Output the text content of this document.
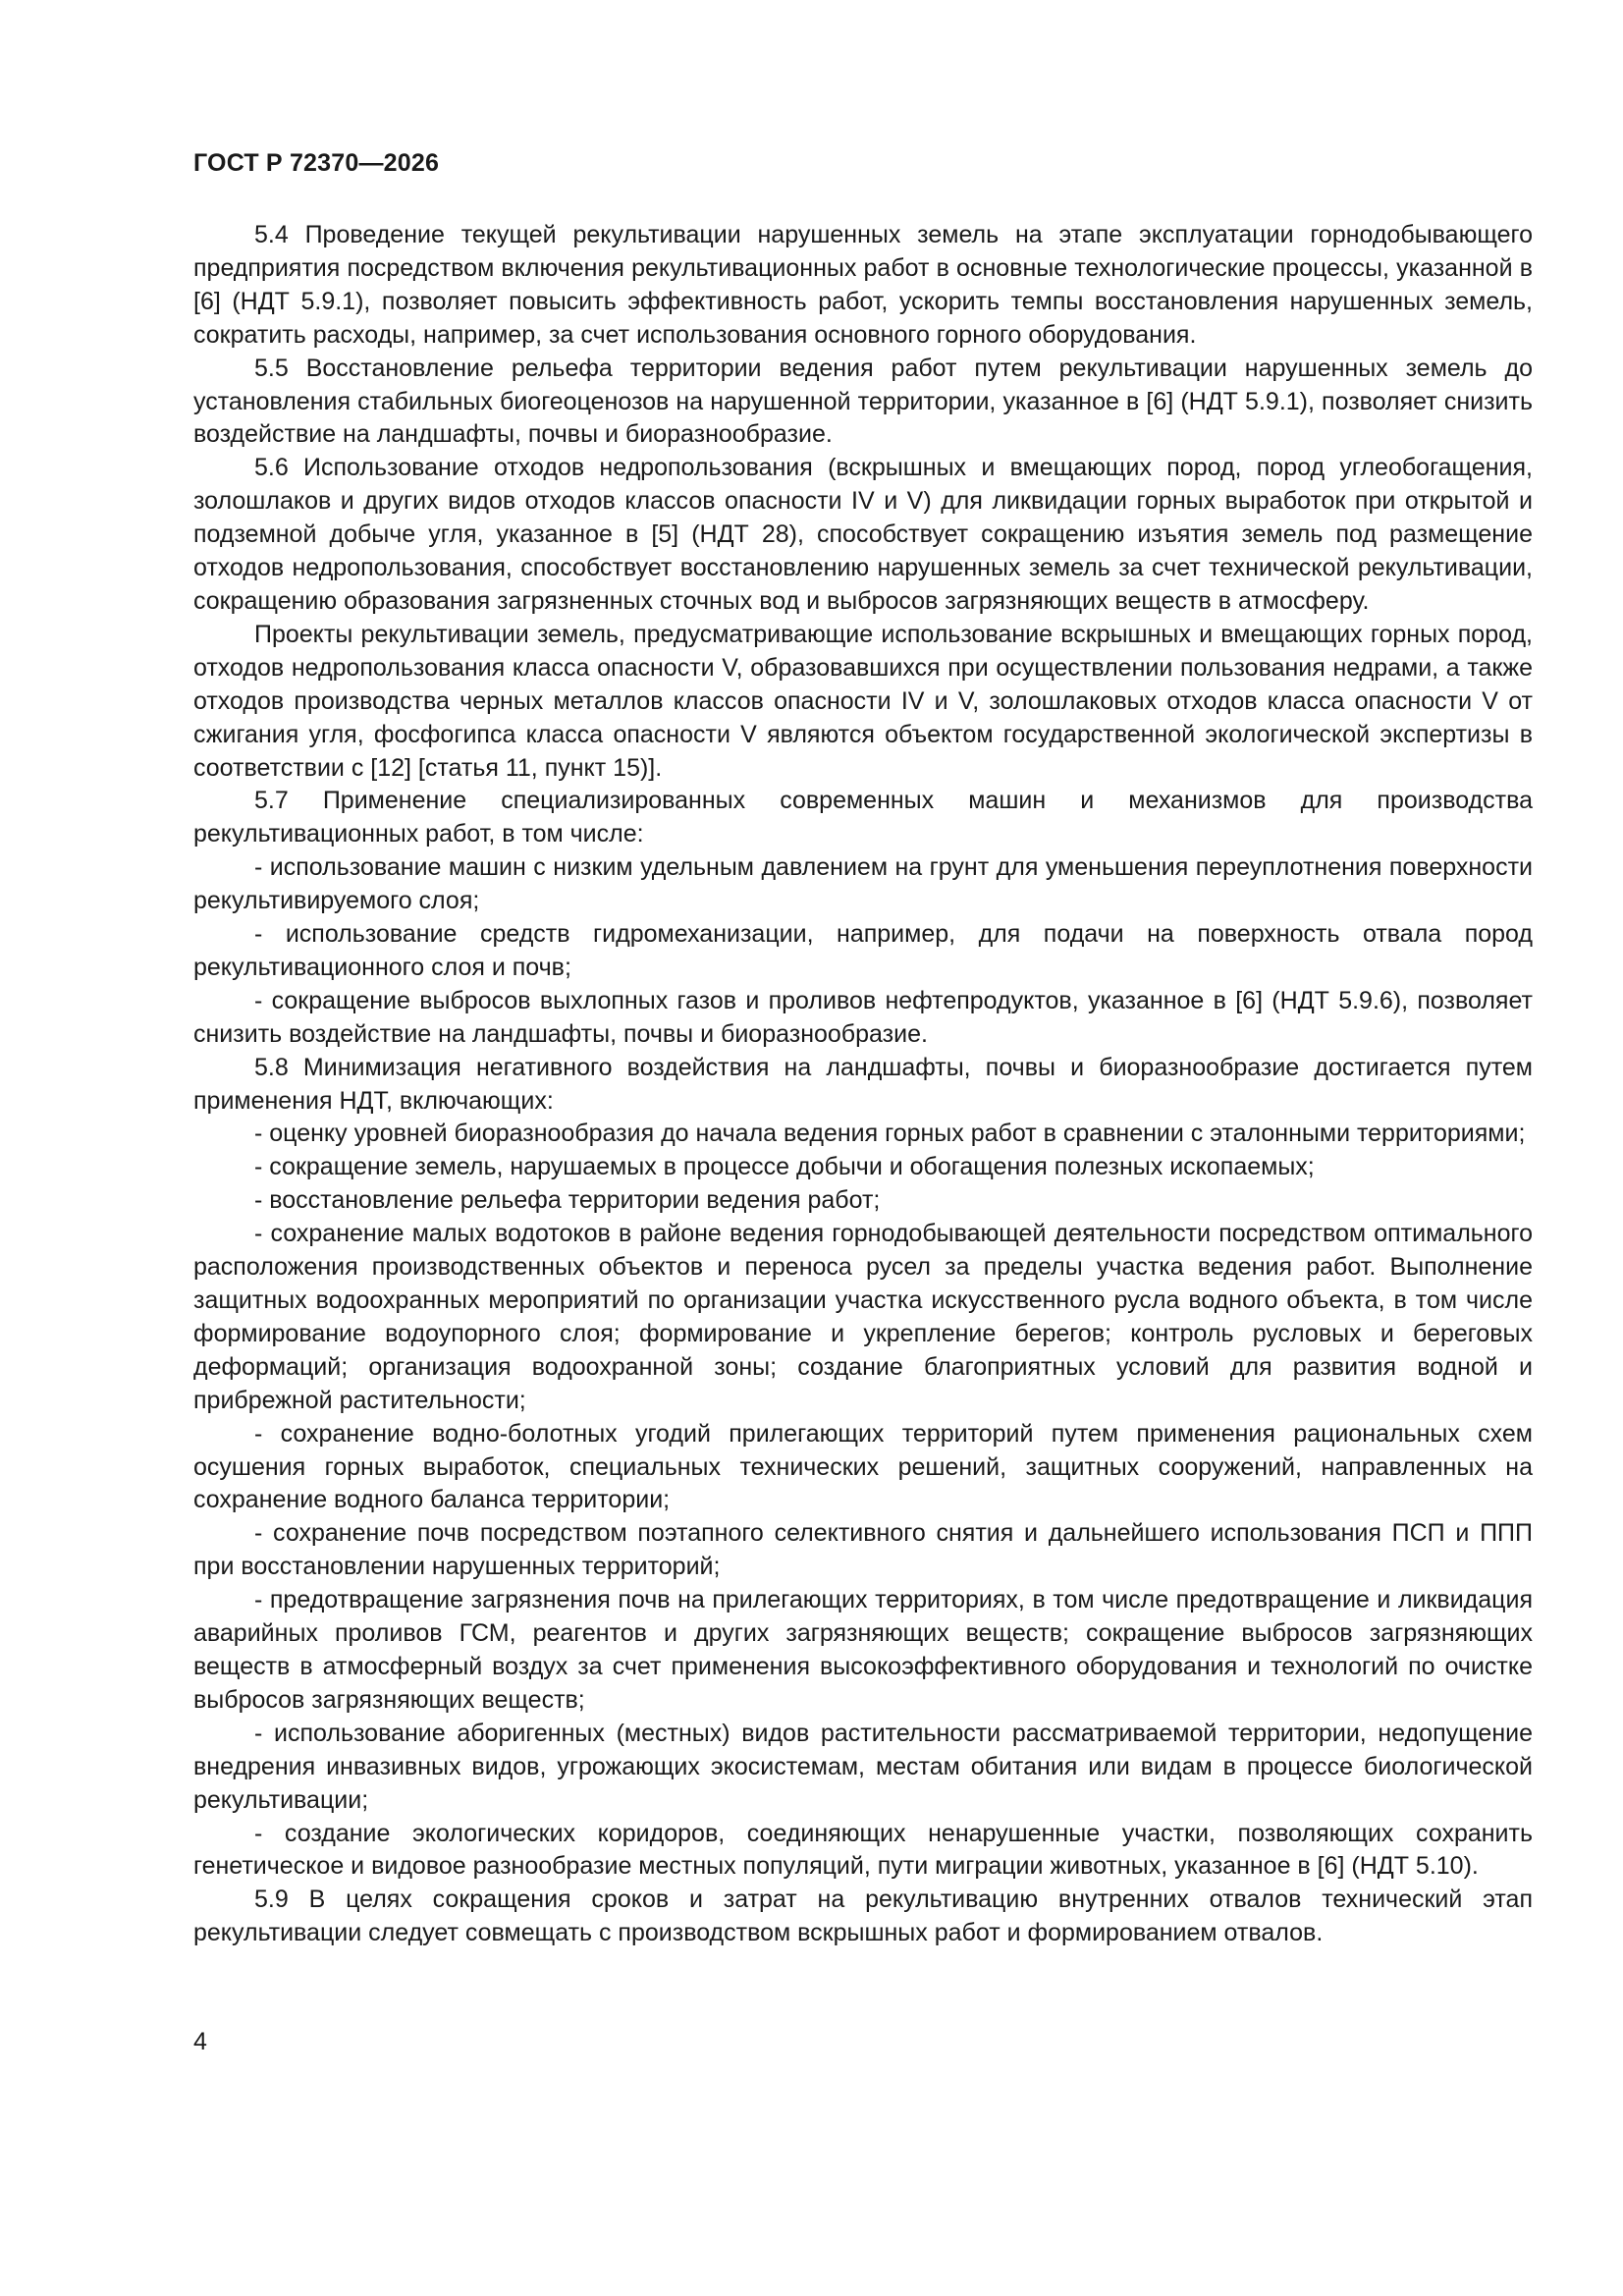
ГОСТ Р 72370—2026

5.4 Проведение текущей рекультивации нарушенных земель на этапе эксплуатации горнодобывающего предприятия посредством включения рекультивационных работ в основные технологические процессы, указанной в [6] (НДТ 5.9.1), позволяет повысить эффективность работ, ускорить темпы восстановления нарушенных земель, сократить расходы, например, за счет использования основного горного оборудования.

5.5 Восстановление рельефа территории ведения работ путем рекультивации нарушенных земель до установления стабильных биогеоценозов на нарушенной территории, указанное в [6] (НДТ 5.9.1), позволяет снизить воздействие на ландшафты, почвы и биоразнообразие.

5.6 Использование отходов недропользования (вскрышных и вмещающих пород, пород углеобогащения, золошлаков и других видов отходов классов опасности IV и V) для ликвидации горных выработок при открытой и подземной добыче угля, указанное в [5] (НДТ 28), способствует сокращению изъятия земель под размещение отходов недропользования, способствует восстановлению нарушенных земель за счет технической рекультивации, сокращению образования загрязненных сточных вод и выбросов загрязняющих веществ в атмосферу.

Проекты рекультивации земель, предусматривающие использование вскрышных и вмещающих горных пород, отходов недропользования класса опасности V, образовавшихся при осуществлении пользования недрами, а также отходов производства черных металлов классов опасности IV и V, золошлаковых отходов класса опасности V от сжигания угля, фосфогипса класса опасности V являются объектом государственной экологической экспертизы в соответствии с [12] [статья 11, пункт 15)].

5.7 Применение специализированных современных машин и механизмов для производства рекультивационных работ, в том числе:

- использование машин с низким удельным давлением на грунт для уменьшения переуплотнения поверхности рекультивируемого слоя;

- использование средств гидромеханизации, например, для подачи на поверхность отвала пород рекультивационного слоя и почв;

- сокращение выбросов выхлопных газов и проливов нефтепродуктов, указанное в [6] (НДТ 5.9.6), позволяет снизить воздействие на ландшафты, почвы и биоразнообразие.

5.8 Минимизация негативного воздействия на ландшафты, почвы и биоразнообразие достигается путем применения НДТ, включающих:

- оценку уровней биоразнообразия до начала ведения горных работ в сравнении с эталонными территориями;

- сокращение земель, нарушаемых в процессе добычи и обогащения полезных ископаемых;

- восстановление рельефа территории ведения работ;

- сохранение малых водотоков в районе ведения горнодобывающей деятельности посредством оптимального расположения производственных объектов и переноса русел за пределы участка ведения работ. Выполнение защитных водоохранных мероприятий по организации участка искусственного русла водного объекта, в том числе формирование водоупорного слоя; формирование и укрепление берегов; контроль русловых и береговых деформаций; организация водоохранной зоны; создание благоприятных условий для развития водной и прибрежной растительности;

- сохранение водно-болотных угодий прилегающих территорий путем применения рациональных схем осушения горных выработок, специальных технических решений, защитных сооружений, направленных на сохранение водного баланса территории;

- сохранение почв посредством поэтапного селективного снятия и дальнейшего использования ПСП и ППП при восстановлении нарушенных территорий;

- предотвращение загрязнения почв на прилегающих территориях, в том числе предотвращение и ликвидация аварийных проливов ГСМ, реагентов и других загрязняющих веществ; сокращение выбросов загрязняющих веществ в атмосферный воздух за счет применения высокоэффективного оборудования и технологий по очистке выбросов загрязняющих веществ;

- использование аборигенных (местных) видов растительности рассматриваемой территории, недопущение внедрения инвазивных видов, угрожающих экосистемам, местам обитания или видам в процессе биологической рекультивации;

- создание экологических коридоров, соединяющих ненарушенные участки, позволяющих сохранить генетическое и видовое разнообразие местных популяций, пути миграции животных, указанное в [6] (НДТ 5.10).

5.9 В целях сокращения сроков и затрат на рекультивацию внутренних отвалов технический этап рекультивации следует совмещать с производством вскрышных работ и формированием отвалов.

4
